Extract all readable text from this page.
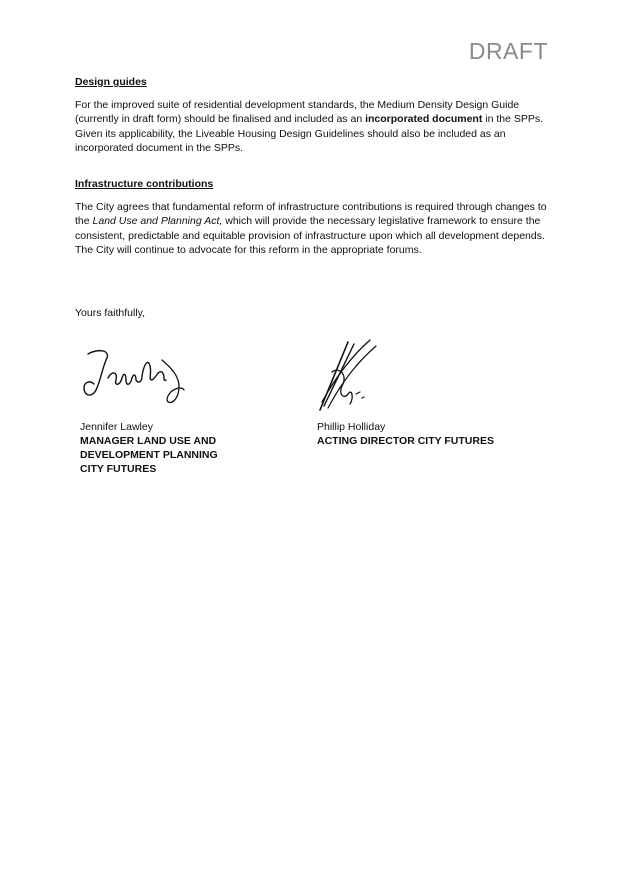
DRAFT

Design guides

For the improved suite of residential development standards, the Medium Density Design Guide (currently in draft form) should be finalised and included as an incorporated document in the SPPs. Given its applicability, the Liveable Housing Design Guidelines should also be included as an incorporated document in the SPPs.

Infrastructure contributions

The City agrees that fundamental reform of infrastructure contributions is required through changes to the Land Use and Planning Act, which will provide the necessary legislative framework to ensure the consistent, predictable and equitable provision of infrastructure upon which all development depends. The City will continue to advocate for this reform in the appropriate forums.

Yours faithfully,
Jennifer Lawley
MANAGER LAND USE AND
DEVELOPMENT PLANNING
CITY FUTURES
Phillip Holliday
ACTING DIRECTOR CITY FUTURES
